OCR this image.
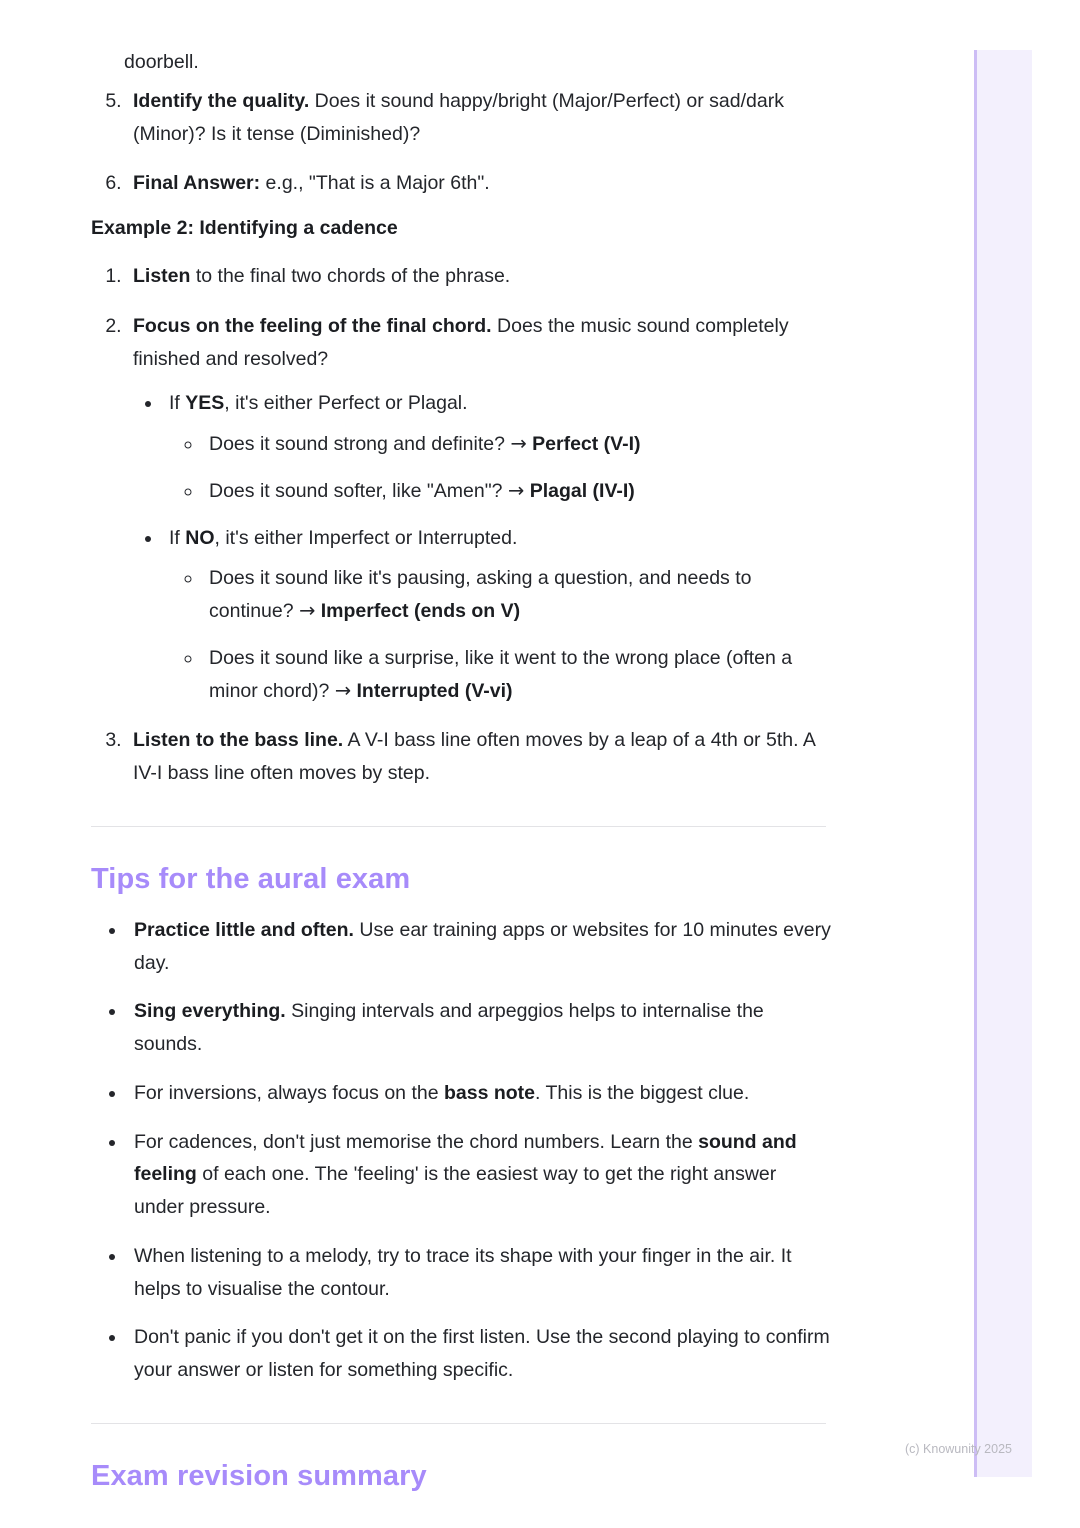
doorbell.

5. Identify the quality. Does it sound happy/bright (Major/Perfect) or sad/dark (Minor)? Is it tense (Diminished)?
6. Final Answer: e.g., "That is a Major 6th".
Example 2: Identifying a cadence
1. Listen to the final two chords of the phrase.
2. Focus on the feeling of the final chord. Does the music sound completely finished and resolved?
• If YES, it's either Perfect or Plagal.
◦ Does it sound strong and definite? → Perfect (V-I)
◦ Does it sound softer, like "Amen"? → Plagal (IV-I)
• If NO, it's either Imperfect or Interrupted.
◦ Does it sound like it's pausing, asking a question, and needs to continue? → Imperfect (ends on V)
◦ Does it sound like a surprise, like it went to the wrong place (often a minor chord)? → Interrupted (V-vi)
3. Listen to the bass line. A V-I bass line often moves by a leap of a 4th or 5th. A IV-I bass line often moves by step.
Tips for the aural exam
• Practice little and often. Use ear training apps or websites for 10 minutes every day.
• Sing everything. Singing intervals and arpeggios helps to internalise the sounds.
• For inversions, always focus on the bass note. This is the biggest clue.
• For cadences, don't just memorise the chord numbers. Learn the sound and feeling of each one. The 'feeling' is the easiest way to get the right answer under pressure.
• When listening to a melody, try to trace its shape with your finger in the air. It helps to visualise the contour.
• Don't panic if you don't get it on the first listen. Use the second playing to confirm your answer or listen for something specific.
Exam revision summary
(c) Knowunity 2025
